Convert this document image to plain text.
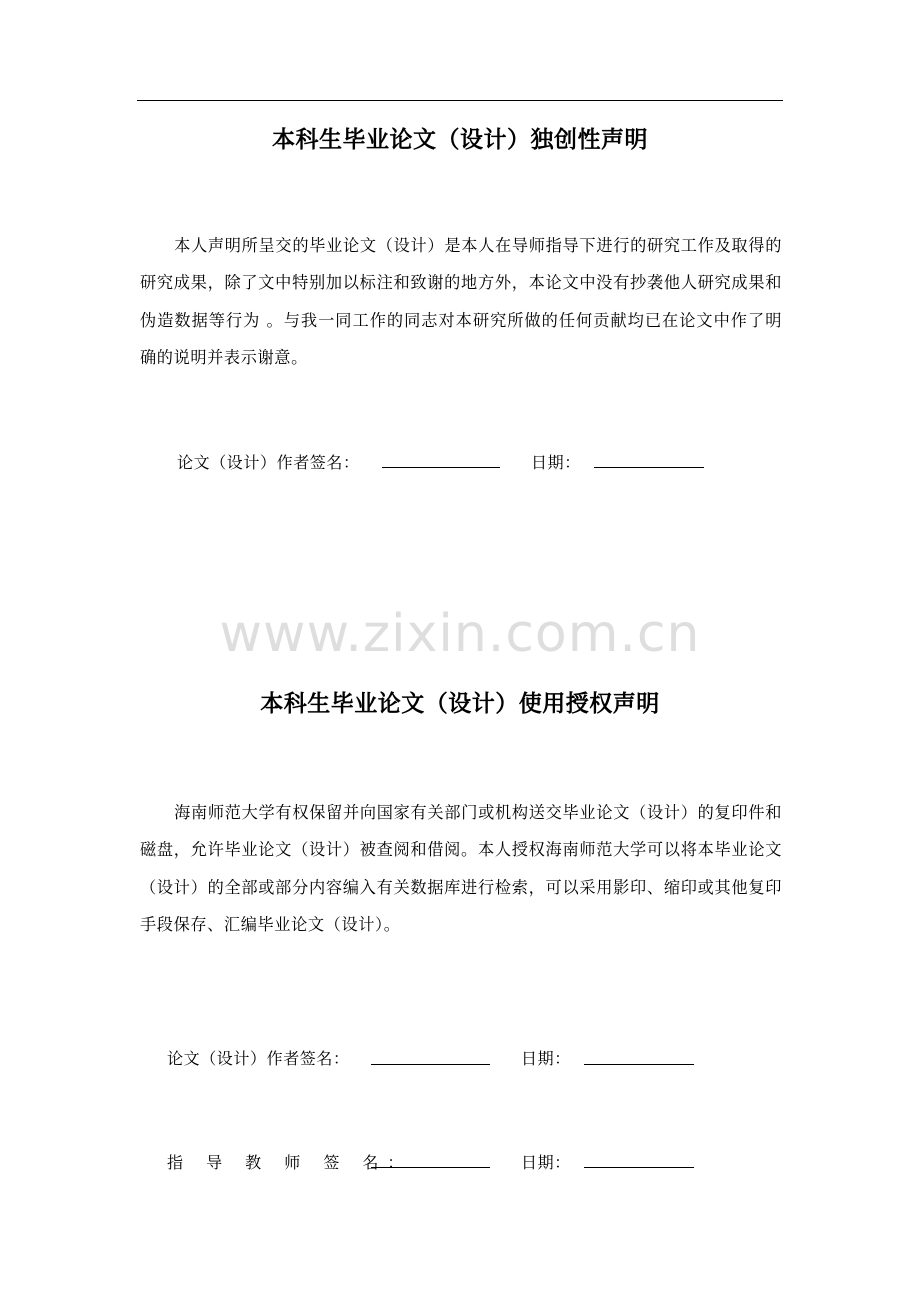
本科生毕业论文（设计）独创性声明
本人声明所呈交的毕业论文（设计）是本人在导师指导下进行的研究工作及取得的研究成果，除了文中特别加以标注和致谢的地方外，本论文中没有抄袭他人研究成果和伪造数据等行为 。与我一同工作的同志对本研究所做的任何贡献均已在论文中作了明确的说明并表示谢意。
论文（设计）作者签名：	日期：
www.zixin.com.cn
本科生毕业论文（设计）使用授权声明
海南师范大学有权保留并向国家有关部门或机构送交毕业论文（设计）的复印件和磁盘，允许毕业论文（设计）被查阅和借阅。本人授权海南师范大学可以将本毕业论文（设计）的全部或部分内容编入有关数据库进行检索，可以采用影印、缩印或其他复印手段保存、汇编毕业论文（设计）。
论文（设计）作者签名：	日期：
指 导 教 师 签 名：	日期：
